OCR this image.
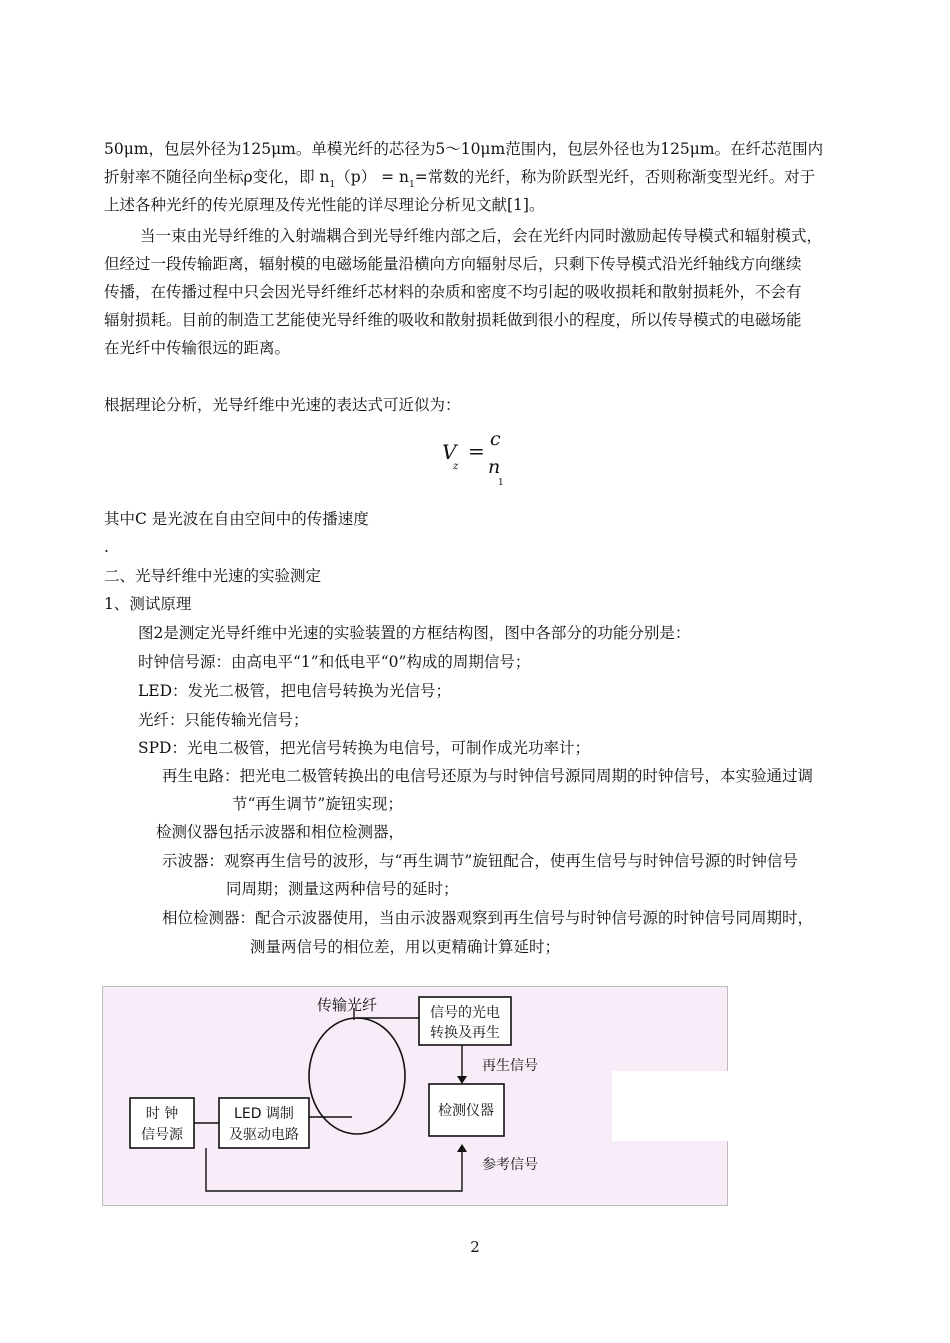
50μm，包层外径为125μm。单模光纤的芯径为5～10μm范围内，包层外径也为125μm。在纤芯范围内
折射率不随径向坐标ρ变化，即 $n_1(p) = n_1=$常数的光纤，称为阶跃型光纤，否则称渐变型光纤。对于
上述各种光纤的传光原理及传光性能的详尽理论分析见文献[1]。
当一束由光导纤维的入射端耦合到光导纤维内部之后，会在光纤内同时激励起传导模式和辐射模式，
但经过一段传输距离，辐射模的电磁场能量沿横向方向辐射尽后，只剩下传导模式沿光纤轴线方向继续
传播，在传播过程中只会因光导纤维纤芯材料的杂质和密度不均引起的吸收损耗和散射损耗外，不会有
辐射损耗。目前的制造工艺能使光导纤维的吸收和散射损耗做到很小的程度，所以传导模式的电磁场能
在光纤中传输很远的距离。
根据理论分析，光导纤维中光速的表达式可近似为：
V
z
= c
n
1
其中C 是光波在自由空间中的传播速度
.
二、光导纤维中光速的实验测定
1、测试原理
图2是测定光导纤维中光速的实验装置的方框结构图，图中各部分的功能分别是：
时钟信号源：由高电平“1”和低电平“0”构成的周期信号；
LED：发光二极管，把电信号转换为光信号；
光纤：只能传输光信号；
SPD：光电二极管，把光信号转换为电信号，可制作成光功率计；
再生电路：把光电二极管转换出的电信号还原为与时钟信号源同周期的时钟信号，本实验通过调
节“再生调节”旋钮实现；
检测仪器包括示波器和相位检测器，
示波器：观察再生信号的波形，与“再生调节”旋钮配合，使再生信号与时钟信号源的时钟信号
同周期；测量这两种信号的延时；
相位检测器：配合示波器使用，当由示波器观察到再生信号与时钟信号源的时钟信号同周期时，
测量两信号的相位差，用以更精确计算延时；
传输光纤	信号的光电
转换及再生
再生信号
检测仪器
时 钟
信号源
LED 调制
及驱动电路
参考信号
2
